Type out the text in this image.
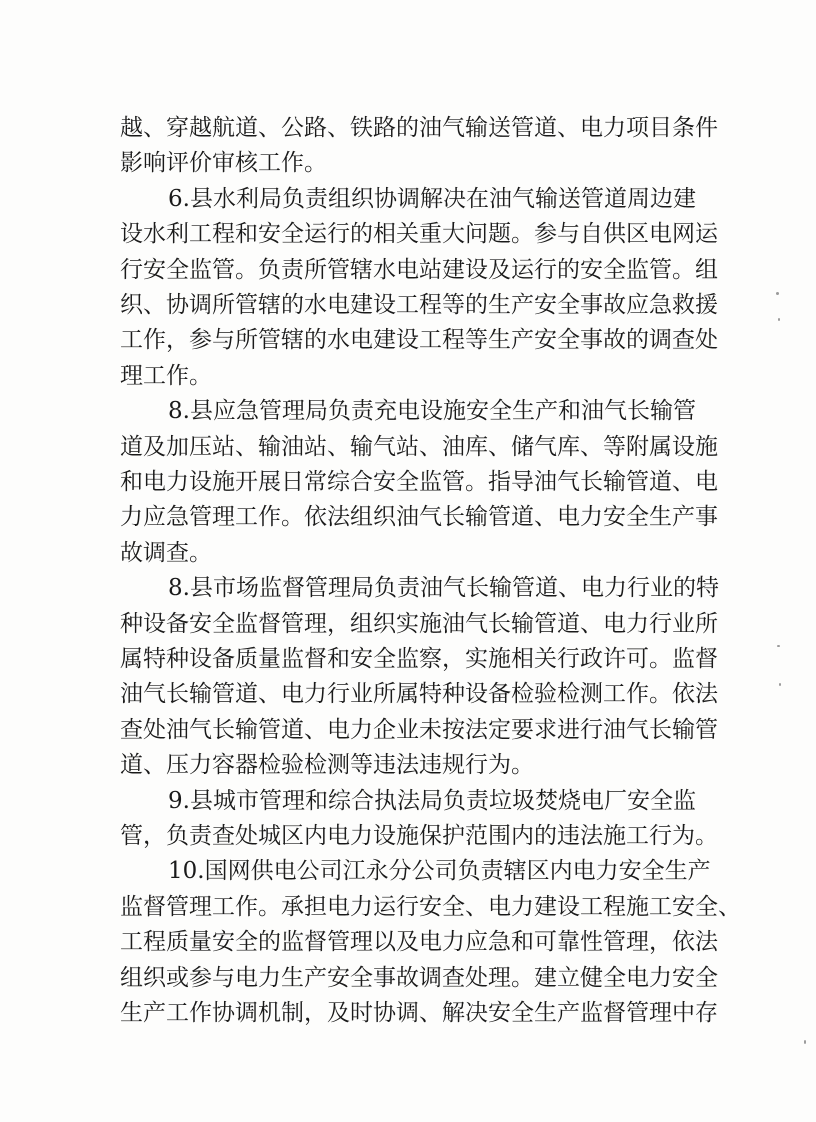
越、穿越航道、公路、铁路的油气输送管道、电力项目条件
影响评价审核工作。
6.县水利局负责组织协调解决在油气输送管道周边建
设水利工程和安全运行的相关重大问题。参与自供区电网运
行安全监管。负责所管辖水电站建设及运行的安全监管。组
织、协调所管辖的水电建设工程等的生产安全事故应急救援
工作，参与所管辖的水电建设工程等生产安全事故的调查处
理工作。
8.县应急管理局负责充电设施安全生产和油气长输管
道及加压站、输油站、输气站、油库、储气库、等附属设施
和电力设施开展日常综合安全监管。指导油气长输管道、电
力应急管理工作。依法组织油气长输管道、电力安全生产事
故调查。
8.县市场监督管理局负责油气长输管道、电力行业的特
种设备安全监督管理，组织实施油气长输管道、电力行业所
属特种设备质量监督和安全监察，实施相关行政许可。监督
油气长输管道、电力行业所属特种设备检验检测工作。依法
查处油气长输管道、电力企业未按法定要求进行油气长输管
道、压力容器检验检测等违法违规行为。
9.县城市管理和综合执法局负责垃圾焚烧电厂安全监
管，负责查处城区内电力设施保护范围内的违法施工行为。
10.国网供电公司江永分公司负责辖区内电力安全生产
监督管理工作。承担电力运行安全、电力建设工程施工安全、
工程质量安全的监督管理以及电力应急和可靠性管理，依法
组织或参与电力生产安全事故调查处理。建立健全电力安全
生产工作协调机制，及时协调、解决安全生产监督管理中存
